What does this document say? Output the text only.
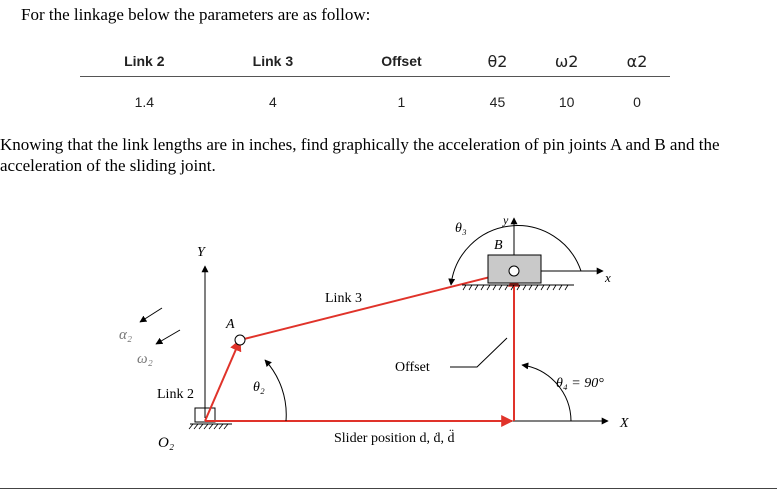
For the linkage below the parameters are as follow:

Link 2	Link 3	Offset	θ2	ω2	α2
1.4	4	1	45	10	0

Knowing that the link lengths are in inches, find graphically the acceleration of pin joints A and B and the acceleration of the sliding joint.

Y
A
Link 3
θ₃
y
B
x
α₂
ω₂
Offset
θ₂	θ₄ = 90°
Link 2
X
O₂	Slider position d, ḋ, d̈
